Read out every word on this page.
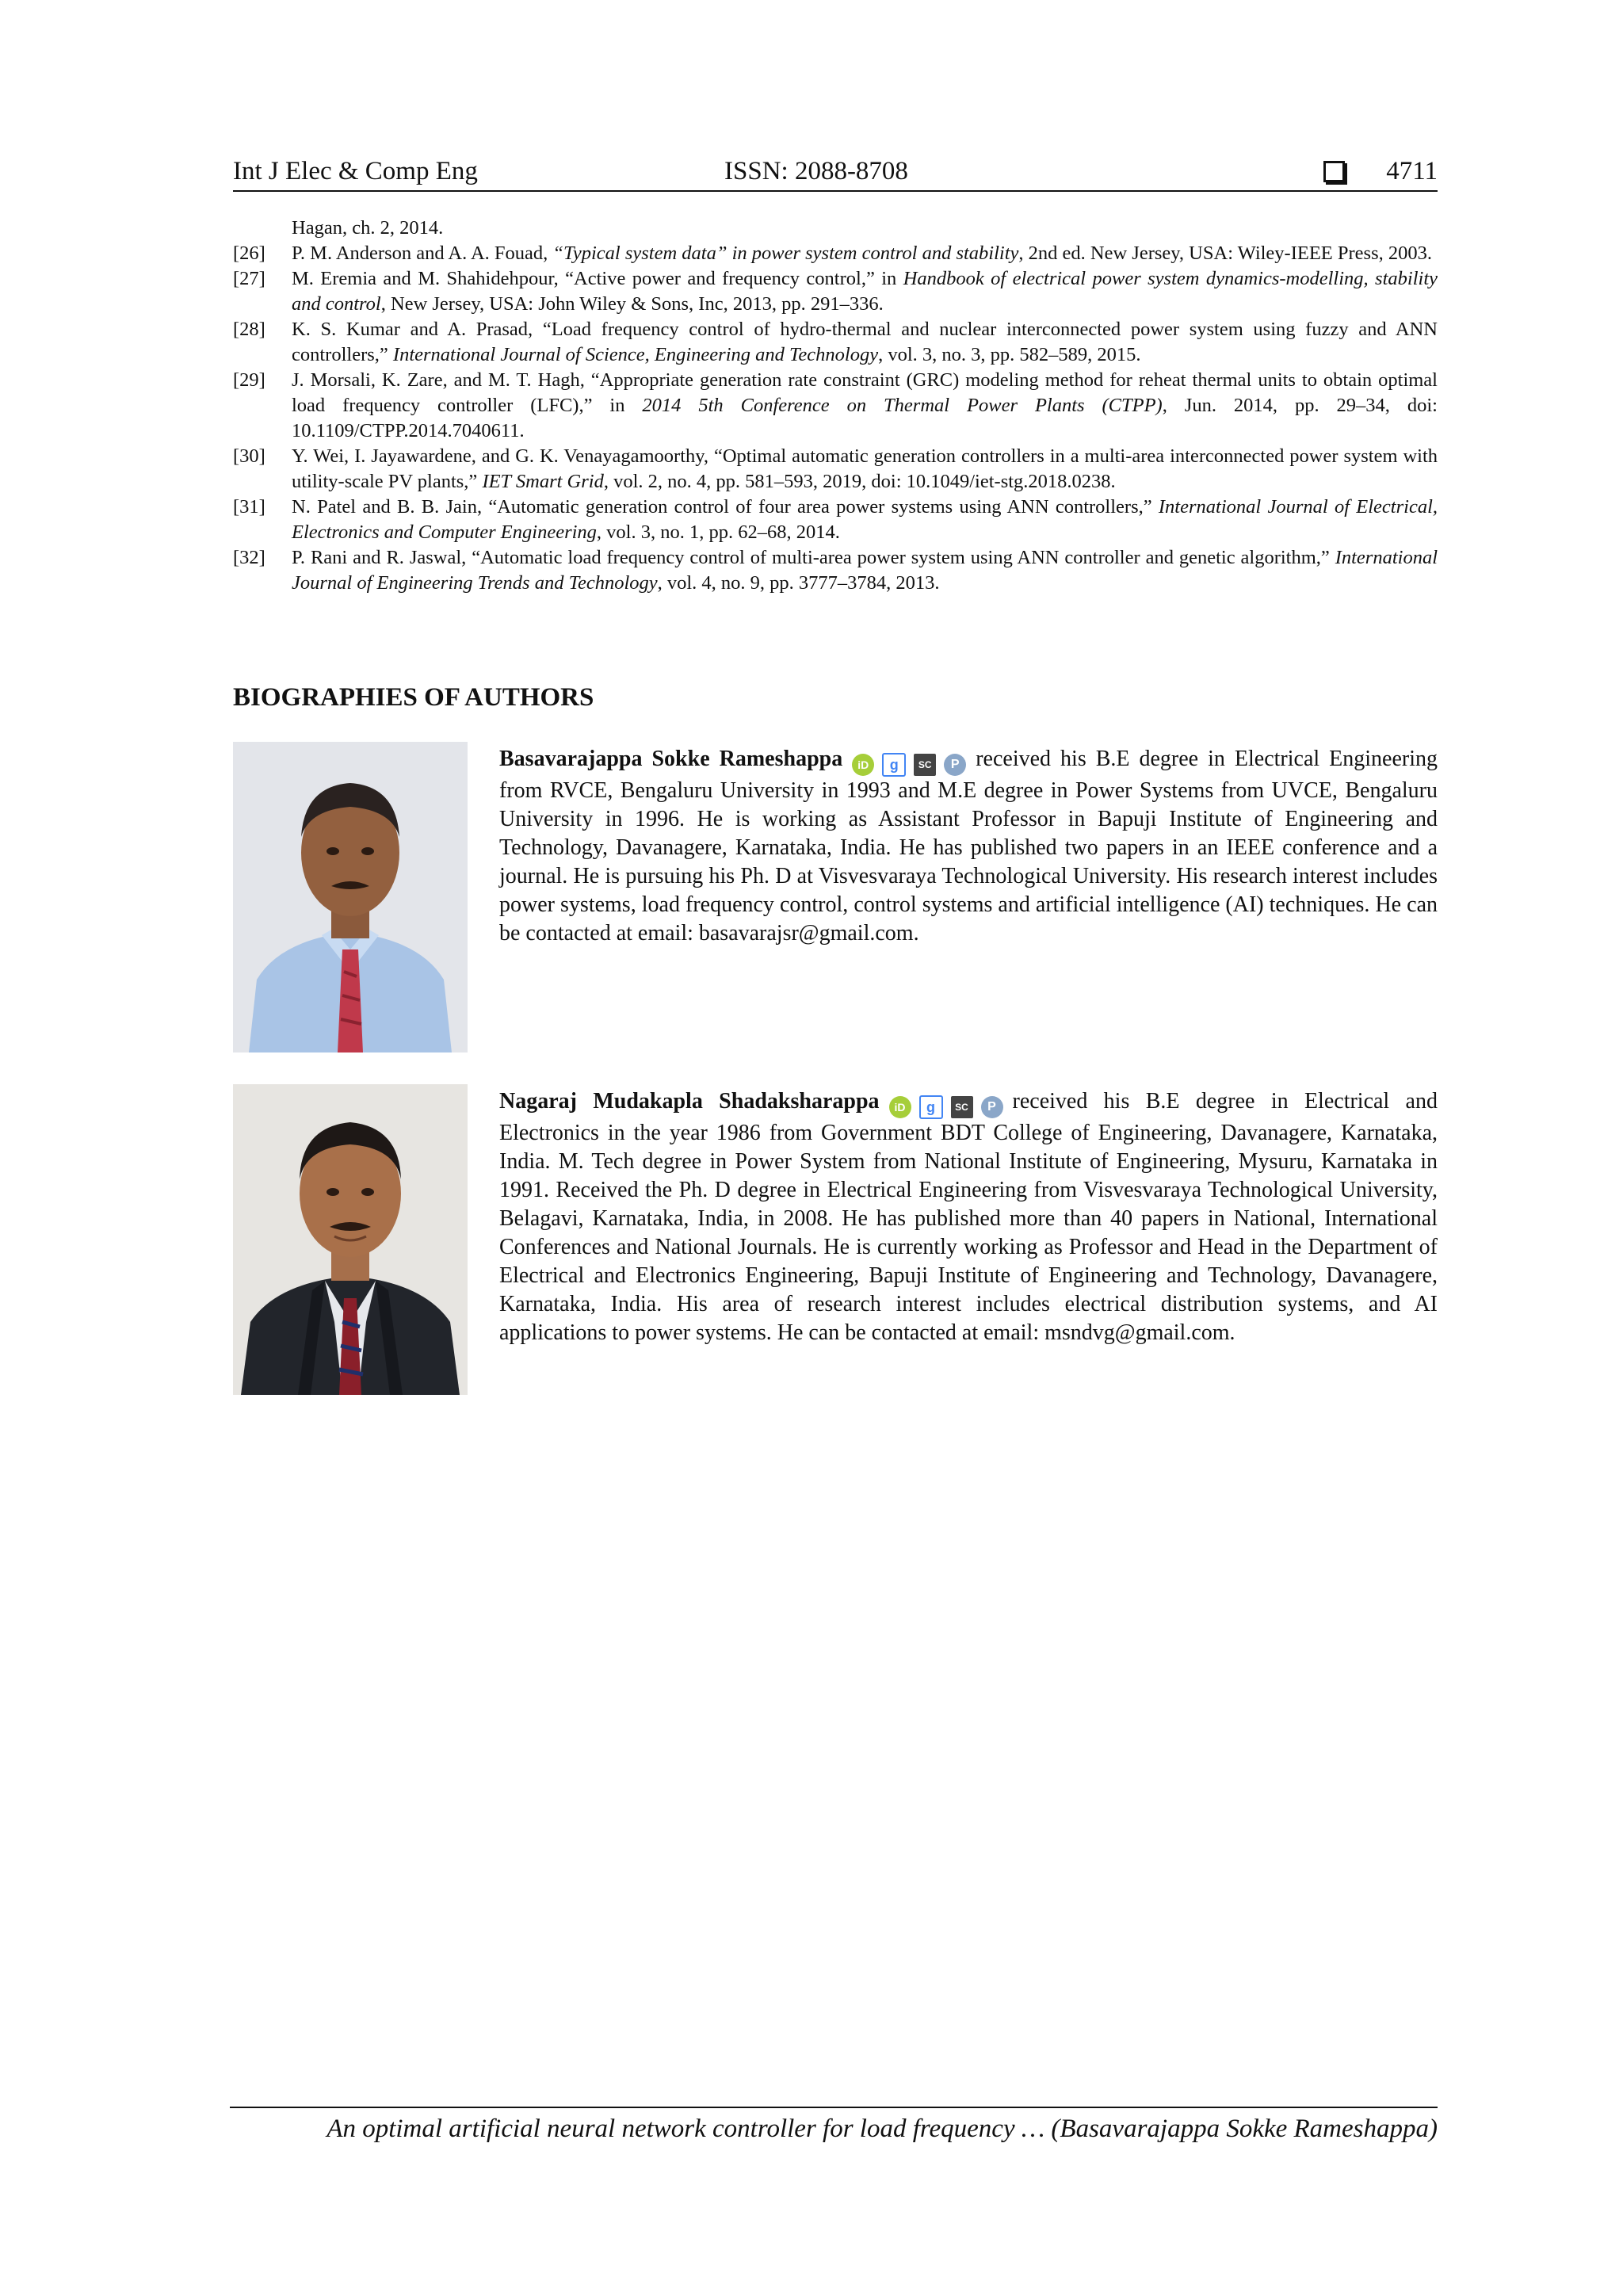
Int J Elec & Comp Eng	ISSN: 2088-8708	4711
Hagan, ch. 2, 2014.
[26] P. M. Anderson and A. A. Fouad, “Typical system data” in power system control and stability, 2nd ed. New Jersey, USA: Wiley-IEEE Press, 2003.
[27] M. Eremia and M. Shahidehpour, “Active power and frequency control,” in Handbook of electrical power system dynamics-modelling, stability and control, New Jersey, USA: John Wiley & Sons, Inc, 2013, pp. 291–336.
[28] K. S. Kumar and A. Prasad, “Load frequency control of hydro-thermal and nuclear interconnected power system using fuzzy and ANN controllers,” International Journal of Science, Engineering and Technology, vol. 3, no. 3, pp. 582–589, 2015.
[29] J. Morsali, K. Zare, and M. T. Hagh, “Appropriate generation rate constraint (GRC) modeling method for reheat thermal units to obtain optimal load frequency controller (LFC),” in 2014 5th Conference on Thermal Power Plants (CTPP), Jun. 2014, pp. 29–34, doi: 10.1109/CTPP.2014.7040611.
[30] Y. Wei, I. Jayawardene, and G. K. Venayagamoorthy, “Optimal automatic generation controllers in a multi-area interconnected power system with utility-scale PV plants,” IET Smart Grid, vol. 2, no. 4, pp. 581–593, 2019, doi: 10.1049/iet-stg.2018.0238.
[31] N. Patel and B. B. Jain, “Automatic generation control of four area power systems using ANN controllers,” International Journal of Electrical, Electronics and Computer Engineering, vol. 3, no. 1, pp. 62–68, 2014.
[32] P. Rani and R. Jaswal, “Automatic load frequency control of multi-area power system using ANN controller and genetic algorithm,” International Journal of Engineering Trends and Technology, vol. 4, no. 9, pp. 3777–3784, 2013.
BIOGRAPHIES OF AUTHORS
Basavarajappa Sokke Rameshappa	iD	g	SC	P received his B.E degree in Electrical Engineering from RVCE, Bengaluru University in 1993 and M.E degree in Power Systems from UVCE, Bengaluru University in 1996. He is working as Assistant Professor in Bapuji Institute of Engineering and Technology, Davanagere, Karnataka, India. He has published two papers in an IEEE conference and a journal. He is pursuing his Ph. D at Visvesvaraya Technological University. His research interest includes power systems, load frequency control, control systems and artificial intelligence (AI) techniques. He can be contacted at email: basavarajsr@gmail.com.
Nagaraj Mudakapla Shadaksharappa	iD	g	SC	P received his B.E degree in Electrical and Electronics in the year 1986 from Government BDT College of Engineering, Davanagere, Karnataka, India. M. Tech degree in Power System from National Institute of Engineering, Mysuru, Karnataka in 1991. Received the Ph. D degree in Electrical Engineering from Visvesvaraya Technological University, Belagavi, Karnataka, India, in 2008. He has published more than 40 papers in National, International Conferences and National Journals. He is currently working as Professor and Head in the Department of Electrical and Electronics Engineering, Bapuji Institute of Engineering and Technology, Davanagere, Karnataka, India. His area of research interest includes electrical distribution systems, and AI applications to power systems. He can be contacted at email: msndvg@gmail.com.
An optimal artificial neural network controller for load frequency … (Basavarajappa Sokke Rameshappa)
